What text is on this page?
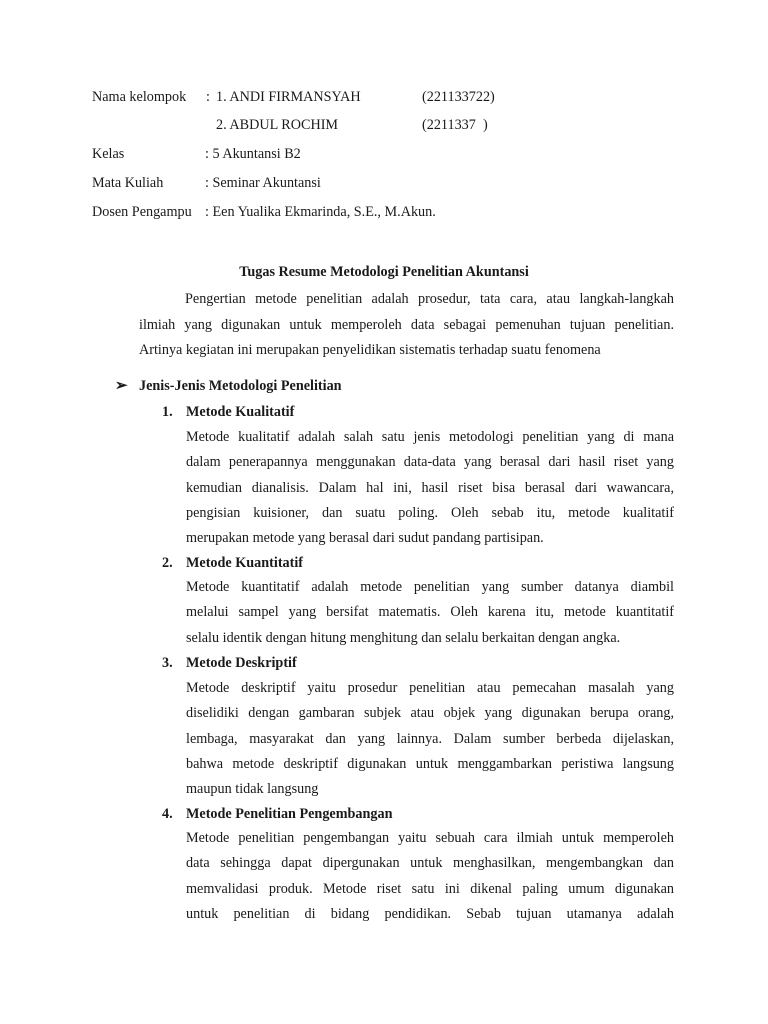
Nama kelompok : 1. ANDI FIRMANSYAH	(221133722)
2. ABDUL ROCHIM	(2211337  )
Kelas	: 5 Akuntansi B2
Mata Kuliah	: Seminar Akuntansi
Dosen Pengampu : Een Yualika Ekmarinda, S.E., M.Akun.
Tugas Resume Metodologi Penelitian Akuntansi
Pengertian metode penelitian adalah prosedur, tata cara, atau langkah-langkah
ilmiah yang digunakan untuk memperoleh data sebagai pemenuhan tujuan penelitian.
Artinya kegiatan ini merupakan penyelidikan sistematis terhadap suatu fenomena
➢ Jenis-Jenis Metodologi Penelitian
1. Metode Kualitatif
Metode kualitatif adalah salah satu jenis metodologi penelitian yang di mana
dalam penerapannya menggunakan data-data yang berasal dari hasil riset yang
kemudian dianalisis. Dalam hal ini, hasil riset bisa berasal dari wawancara,
pengisian kuisioner, dan suatu poling. Oleh sebab itu, metode kualitatif
merupakan metode yang berasal dari sudut pandang partisipan.
2. Metode Kuantitatif
Metode kuantitatif adalah metode penelitian yang sumber datanya diambil
melalui sampel yang bersifat matematis. Oleh karena itu, metode kuantitatif
selalu identik dengan hitung menghitung dan selalu berkaitan dengan angka.
3. Metode Deskriptif
Metode deskriptif yaitu prosedur penelitian atau pemecahan masalah yang
diselidiki dengan gambaran subjek atau objek yang digunakan berupa orang,
lembaga, masyarakat dan yang lainnya. Dalam sumber berbeda dijelaskan,
bahwa metode deskriptif digunakan untuk menggambarkan peristiwa langsung
maupun tidak langsung
4. Metode Penelitian Pengembangan
Metode penelitian pengembangan yaitu sebuah cara ilmiah untuk memperoleh
data sehingga dapat dipergunakan untuk menghasilkan, mengembangkan dan
memvalidasi produk. Metode riset satu ini dikenal paling umum digunakan
untuk penelitian di bidang pendidikan. Sebab tujuan utamanya adalah
